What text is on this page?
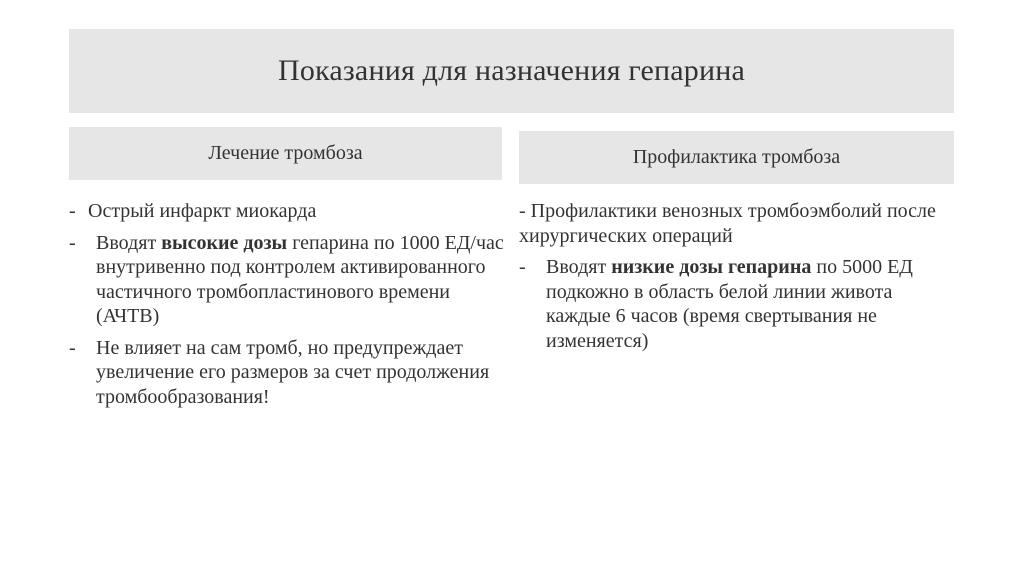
Показания для назначения гепарина
Лечение тромбоза	Профилактика тромбоза
- Острый инфаркт миокарда
-	Вводят высокие дозы гепарина по 1000 ЕД/час внутривенно под контролем активированного частичного тромбопластинового времени (АЧТВ)
-	Не влияет на сам тромб, но предупреждает увеличение его размеров за счет продолжения тромбообразования!
- Профилактики венозных тромбоэмболий после хирургических операций
-	Вводят низкие дозы гепарина по 5000 ЕД подкожно в область белой линии живота каждые 6 часов (время свертывания не изменяется)
